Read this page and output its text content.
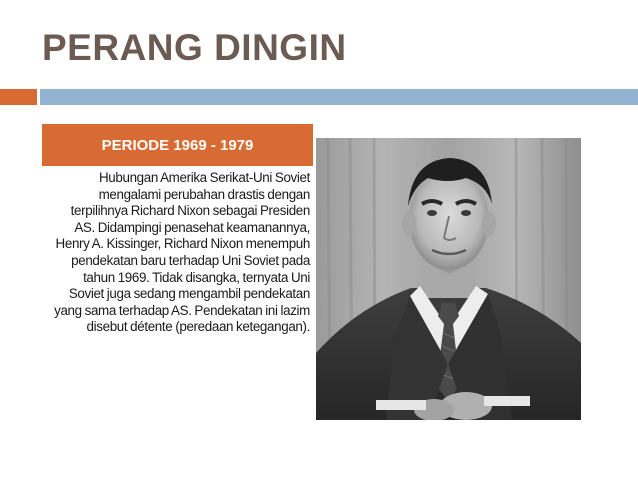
PERANG DINGIN
PERIODE 1969 - 1979
Hubungan Amerika Serikat-Uni Soviet mengalami perubahan drastis dengan terpilihnya Richard Nixon sebagai Presiden AS. Didampingi penasehat keamanannya, Henry A. Kissinger, Richard Nixon menempuh pendekatan baru terhadap Uni Soviet pada tahun 1969. Tidak disangka, ternyata Uni Soviet juga sedang mengambil pendekatan yang sama terhadap AS. Pendekatan ini lazim disebut détente (peredaan ketegangan).
